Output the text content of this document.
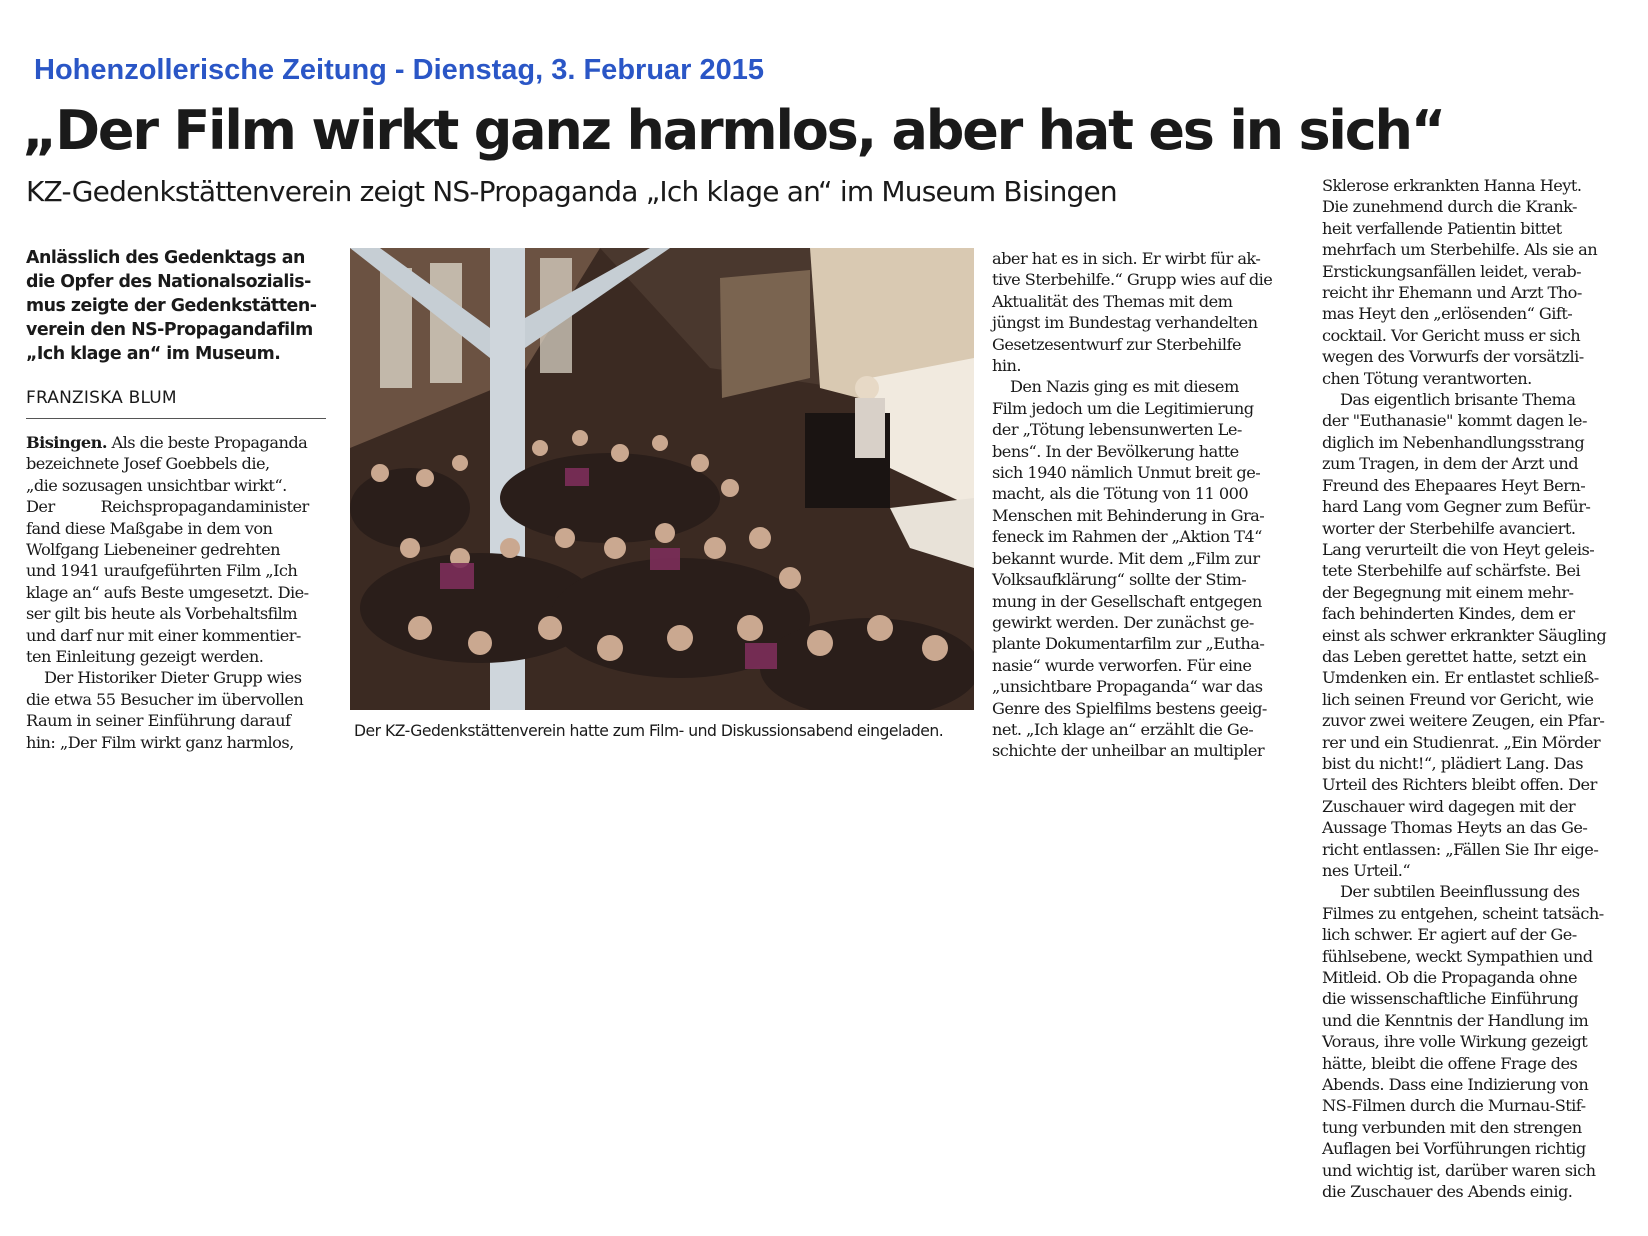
Hohenzollerische Zeitung - Dienstag, 3. Februar 2015
„Der Film wirkt ganz harmlos, aber hat es in sich“
KZ-Gedenkstättenverein zeigt NS-Propaganda „Ich klage an“ im Museum Bisingen

Anlässlich des Gedenktags an

die Opfer des Nationalsozialis-

mus zeigte der Gedenkstätten-

verein den NS-Propagandafilm

„Ich klage an“ im Museum.

FRANZISKA BLUM

Bisingen. Als die beste Propaganda

bezeichnete Josef Goebbels die,

„die sozusagen unsichtbar wirkt“.

Der          Reichspropagandaminister

fand diese Maßgabe in dem von

Wolfgang Liebeneiner gedrehten

und 1941 uraufgeführten Film „Ich

klage an“ aufs Beste umgesetzt. Die-

ser gilt bis heute als Vorbehaltsfilm

und darf nur mit einer kommentier-

ten Einleitung gezeigt werden.

Der Historiker Dieter Grupp wies

die etwa 55 Besucher im übervollen

Raum in seiner Einführung darauf

hin: „Der Film wirkt ganz harmlos,

Der KZ-Gedenkstättenverein hatte zum Film- und Diskussionsabend eingeladen.

aber hat es in sich. Er wirbt für ak-

tive Sterbehilfe.“ Grupp wies auf die

Aktualität des Themas mit dem

jüngst im Bundestag verhandelten

Gesetzesentwurf zur Sterbehilfe

hin.

Den Nazis ging es mit diesem

Film jedoch um die Legitimierung

der „Tötung lebensunwerten Le-

bens“. In der Bevölkerung hatte

sich 1940 nämlich Unmut breit ge-

macht, als die Tötung von 11 000

Menschen mit Behinderung in Gra-

feneck im Rahmen der „Aktion T4“

bekannt wurde. Mit dem „Film zur

Volksaufklärung“ sollte der Stim-

mung in der Gesellschaft entgegen

gewirkt werden. Der zunächst ge-

plante Dokumentarfilm zur „Eutha-

nasie“ wurde verworfen. Für eine

„unsichtbare Propaganda“ war das

Genre des Spielfilms bestens geeig-

net. „Ich klage an“ erzählt die Ge-

schichte der unheilbar an multipler

Sklerose erkrankten Hanna Heyt.

Die zunehmend durch die Krank-

heit verfallende Patientin bittet

mehrfach um Sterbehilfe. Als sie an

Erstickungsanfällen leidet, verab-

reicht ihr Ehemann und Arzt Tho-

mas Heyt den „erlösenden“ Gift-

cocktail. Vor Gericht muss er sich

wegen des Vorwurfs der vorsätzli-

chen Tötung verantworten.

Das eigentlich brisante Thema

der "Euthanasie" kommt dagen le-

diglich im Nebenhandlungsstrang

zum Tragen, in dem der Arzt und

Freund des Ehepaares Heyt Bern-

hard Lang vom Gegner zum Befür-

worter der Sterbehilfe avanciert.

Lang verurteilt die von Heyt geleis-

tete Sterbehilfe auf schärfste. Bei

der Begegnung mit einem mehr-

fach behinderten Kindes, dem er

einst als schwer erkrankter Säugling

das Leben gerettet hatte, setzt ein

Umdenken ein. Er entlastet schließ-

lich seinen Freund vor Gericht, wie

zuvor zwei weitere Zeugen, ein Pfar-

rer und ein Studienrat. „Ein Mörder

bist du nicht!“, plädiert Lang. Das

Urteil des Richters bleibt offen. Der

Zuschauer wird dagegen mit der

Aussage Thomas Heyts an das Ge-

richt entlassen: „Fällen Sie Ihr eige-

nes Urteil.“

Der subtilen Beeinflussung des

Filmes zu entgehen, scheint tatsäch-

lich schwer. Er agiert auf der Ge-

fühlsebene, weckt Sympathien und

Mitleid. Ob die Propaganda ohne

die wissenschaftliche Einführung

und die Kenntnis der Handlung im

Voraus, ihre volle Wirkung gezeigt

hätte, bleibt die offene Frage des

Abends. Dass eine Indizierung von

NS-Filmen durch die Murnau-Stif-

tung verbunden mit den strengen

Auflagen bei Vorführungen richtig

und wichtig ist, darüber waren sich

die Zuschauer des Abends einig.
